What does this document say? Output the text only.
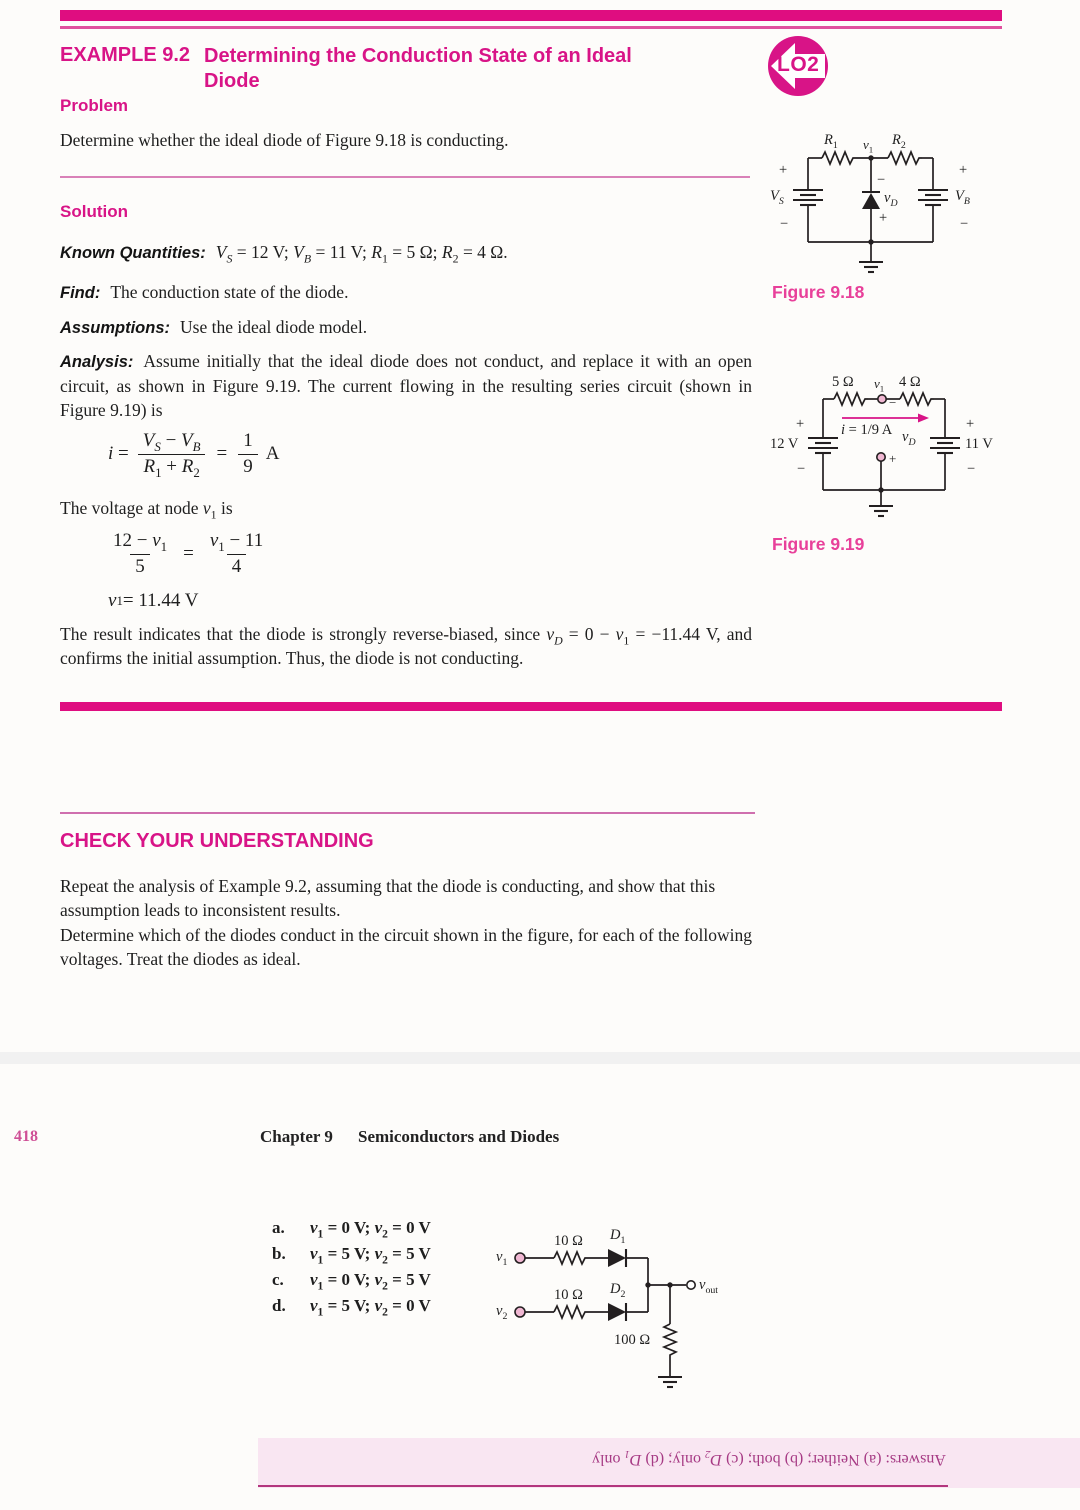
EXAMPLE 9.2 Determining the Conduction State of an Ideal
Diode
LO2
Problem
Determine whether the ideal diode of Figure 9.18 is conducting.
Solution
Known Quantities: $V_S = 12$ V; $V_B = 11$ V; $R_1 = 5$ Ω; $R_2 = 4$ Ω.
Find: The conduction state of the diode.
Assumptions: Use the ideal diode model.
Analysis: Assume initially that the ideal diode does not conduct, and replace it with an open circuit, as shown in Figure 9.19. The current flowing in the resulting series circuit (shown in Figure 9.19) is
$i = \frac{V_S - V_B}{R_1 + R_2} = \frac{1}{9}$ A
The voltage at node $v_1$ is
$\frac{12 - v_1}{5} = \frac{v_1 - 11}{4}$
v 1 = 11.44 V
The result indicates that the diode is strongly reverse-biased, since $v_D = 0 - v_1 = -11.44$ V, and confirms the initial assumption. Thus, the diode is not conducting.
$R_1$ $v_1$
$R_2$
+
$V_S$
−
−
$v_D$
+
+
$V_B$
−
Figure 9.18
5 Ω $v_1$ 4 Ω
−
i = 1/9 A $v_D$
+
12 V
−
+
11 V
−
+
Figure 9.19
CHECK YOUR UNDERSTANDING
Repeat the analysis of Example 9.2, assuming that the diode is conducting, and show that this assumption leads to inconsistent results.
Determine which of the diodes conduct in the circuit shown in the figure, for each of the following voltages. Treat the diodes as ideal.
418	Chapter 9 Semiconductors and Diodes
a.	$v_1 = 0$ V; $v_2 = 0$ V
b.	$v_1 = 5$ V; $v_2 = 5$ V
c.	$v_1 = 0$ V; $v_2 = 5$ V
d.	$v_1 = 5$ V; $v_2 = 0$ V
$v_1$
$v_2$
10 Ω
10 Ω
$D_1$
$D_2$
100 Ω
$v_{out}$
Answers: (a) Neither; (b) both; (c) $D_2$ only; (d) $D_1$ only
